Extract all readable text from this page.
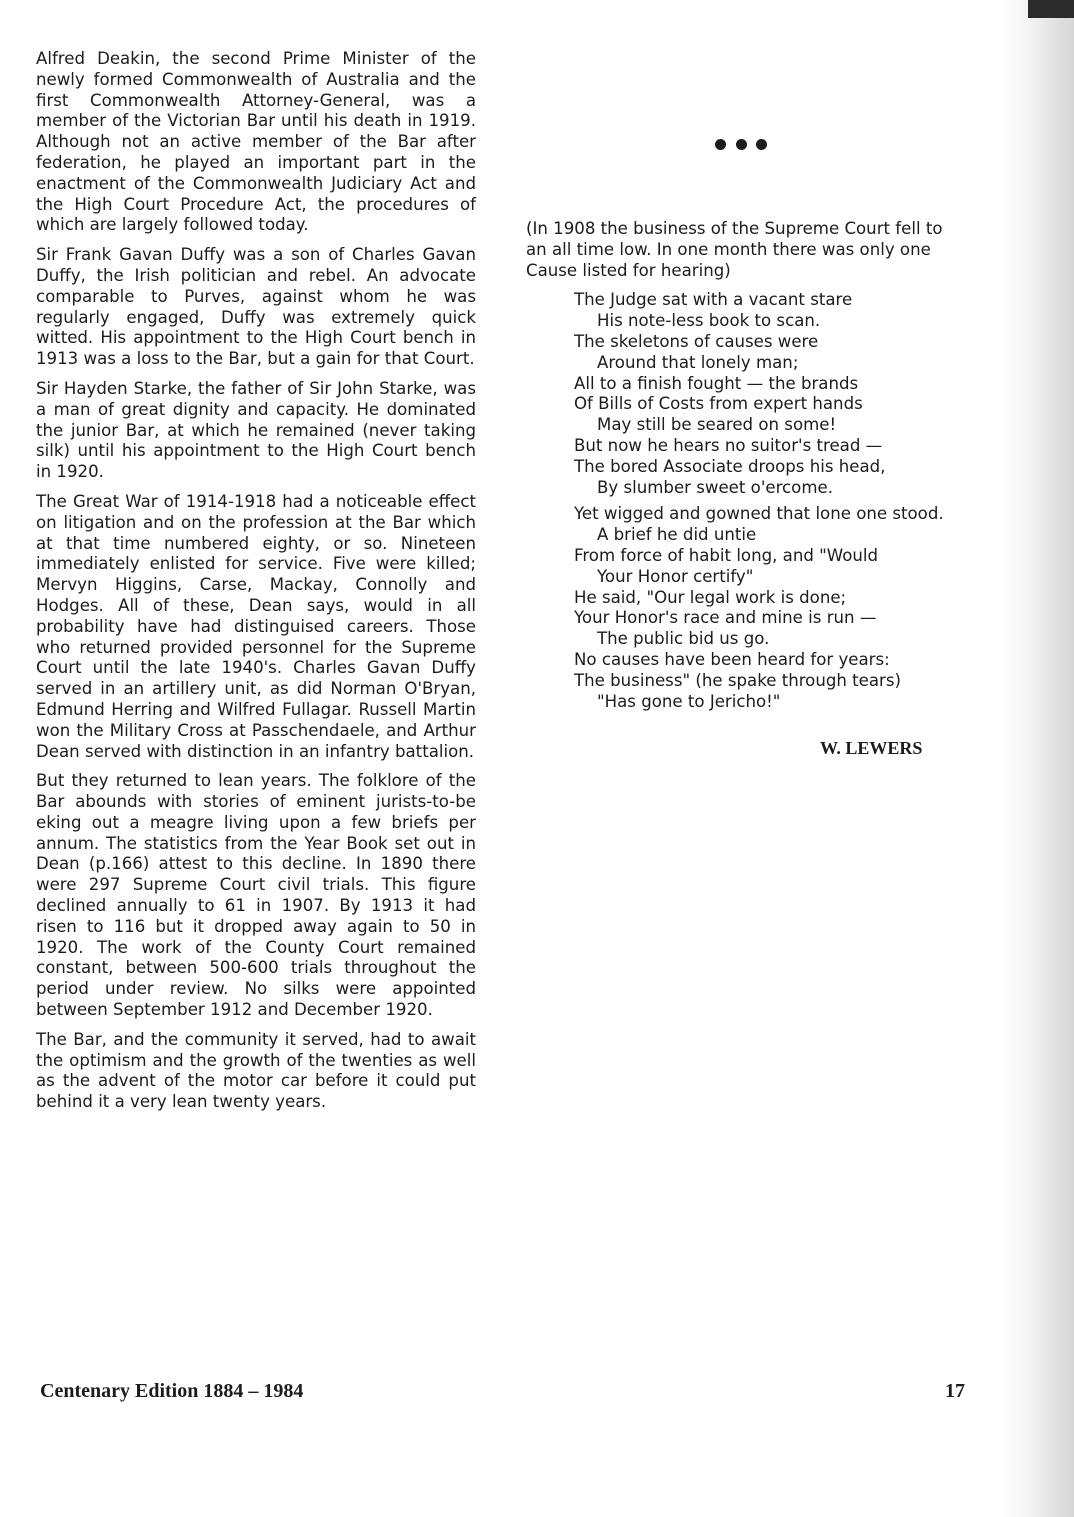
Alfred Deakin, the second Prime Minister of the newly formed Commonwealth of Australia and the first Commonwealth Attorney-General, was a member of the Victorian Bar until his death in 1919. Although not an active member of the Bar after federation, he played an important part in the enactment of the Commonwealth Judiciary Act and the High Court Procedure Act, the procedures of which are largely followed today.

Sir Frank Gavan Duffy was a son of Charles Gavan Duffy, the Irish politician and rebel. An advocate comparable to Purves, against whom he was regularly engaged, Duffy was extremely quick witted. His appointment to the High Court bench in 1913 was a loss to the Bar, but a gain for that Court.

Sir Hayden Starke, the father of Sir John Starke, was a man of great dignity and capacity. He dominated the junior Bar, at which he remained (never taking silk) until his appointment to the High Court bench in 1920.

The Great War of 1914-1918 had a noticeable effect on litigation and on the profession at the Bar which at that time numbered eighty, or so. Nineteen immediately enlisted for service. Five were killed; Mervyn Higgins, Carse, Mackay, Connolly and Hodges. All of these, Dean says, would in all probability have had distinguised careers. Those who returned provided personnel for the Supreme Court until the late 1940's. Charles Gavan Duffy served in an artillery unit, as did Norman O'Bryan, Edmund Herring and Wilfred Fullagar. Russell Martin won the Military Cross at Passchendaele, and Arthur Dean served with distinction in an infantry battalion.

But they returned to lean years. The folklore of the Bar abounds with stories of eminent jurists-to-be eking out a meagre living upon a few briefs per annum. The statistics from the Year Book set out in Dean (p.166) attest to this decline. In 1890 there were 297 Supreme Court civil trials. This figure declined annually to 61 in 1907. By 1913 it had risen to 116 but it dropped away again to 50 in 1920. The work of the County Court remained constant, between 500-600 trials throughout the period under review. No silks were appointed between September 1912 and December 1920.

The Bar, and the community it served, had to await the optimism and the growth of the twenties as well as the advent of the motor car before it could put behind it a very lean twenty years.

(In 1908 the business of the Supreme Court fell to an all time low. In one month there was only one Cause listed for hearing)

The Judge sat with a vacant stare
His note-less book to scan.
The skeletons of causes were
Around that lonely man;
All to a finish fought — the brands
Of Bills of Costs from expert hands
May still be seared on some!
But now he hears no suitor's tread —
The bored Associate droops his head,
By slumber sweet o'ercome.
Yet wigged and gowned that lone one stood.
A brief he did untie
From force of habit long, and "Would
Your Honor certify"
He said, "Our legal work is done;
Your Honor's race and mine is run —
The public bid us go.
No causes have been heard for years:
The business" (he spake through tears)
"Has gone to Jericho!"
W. LEWERS
Centenary Edition 1884 – 1984	17
